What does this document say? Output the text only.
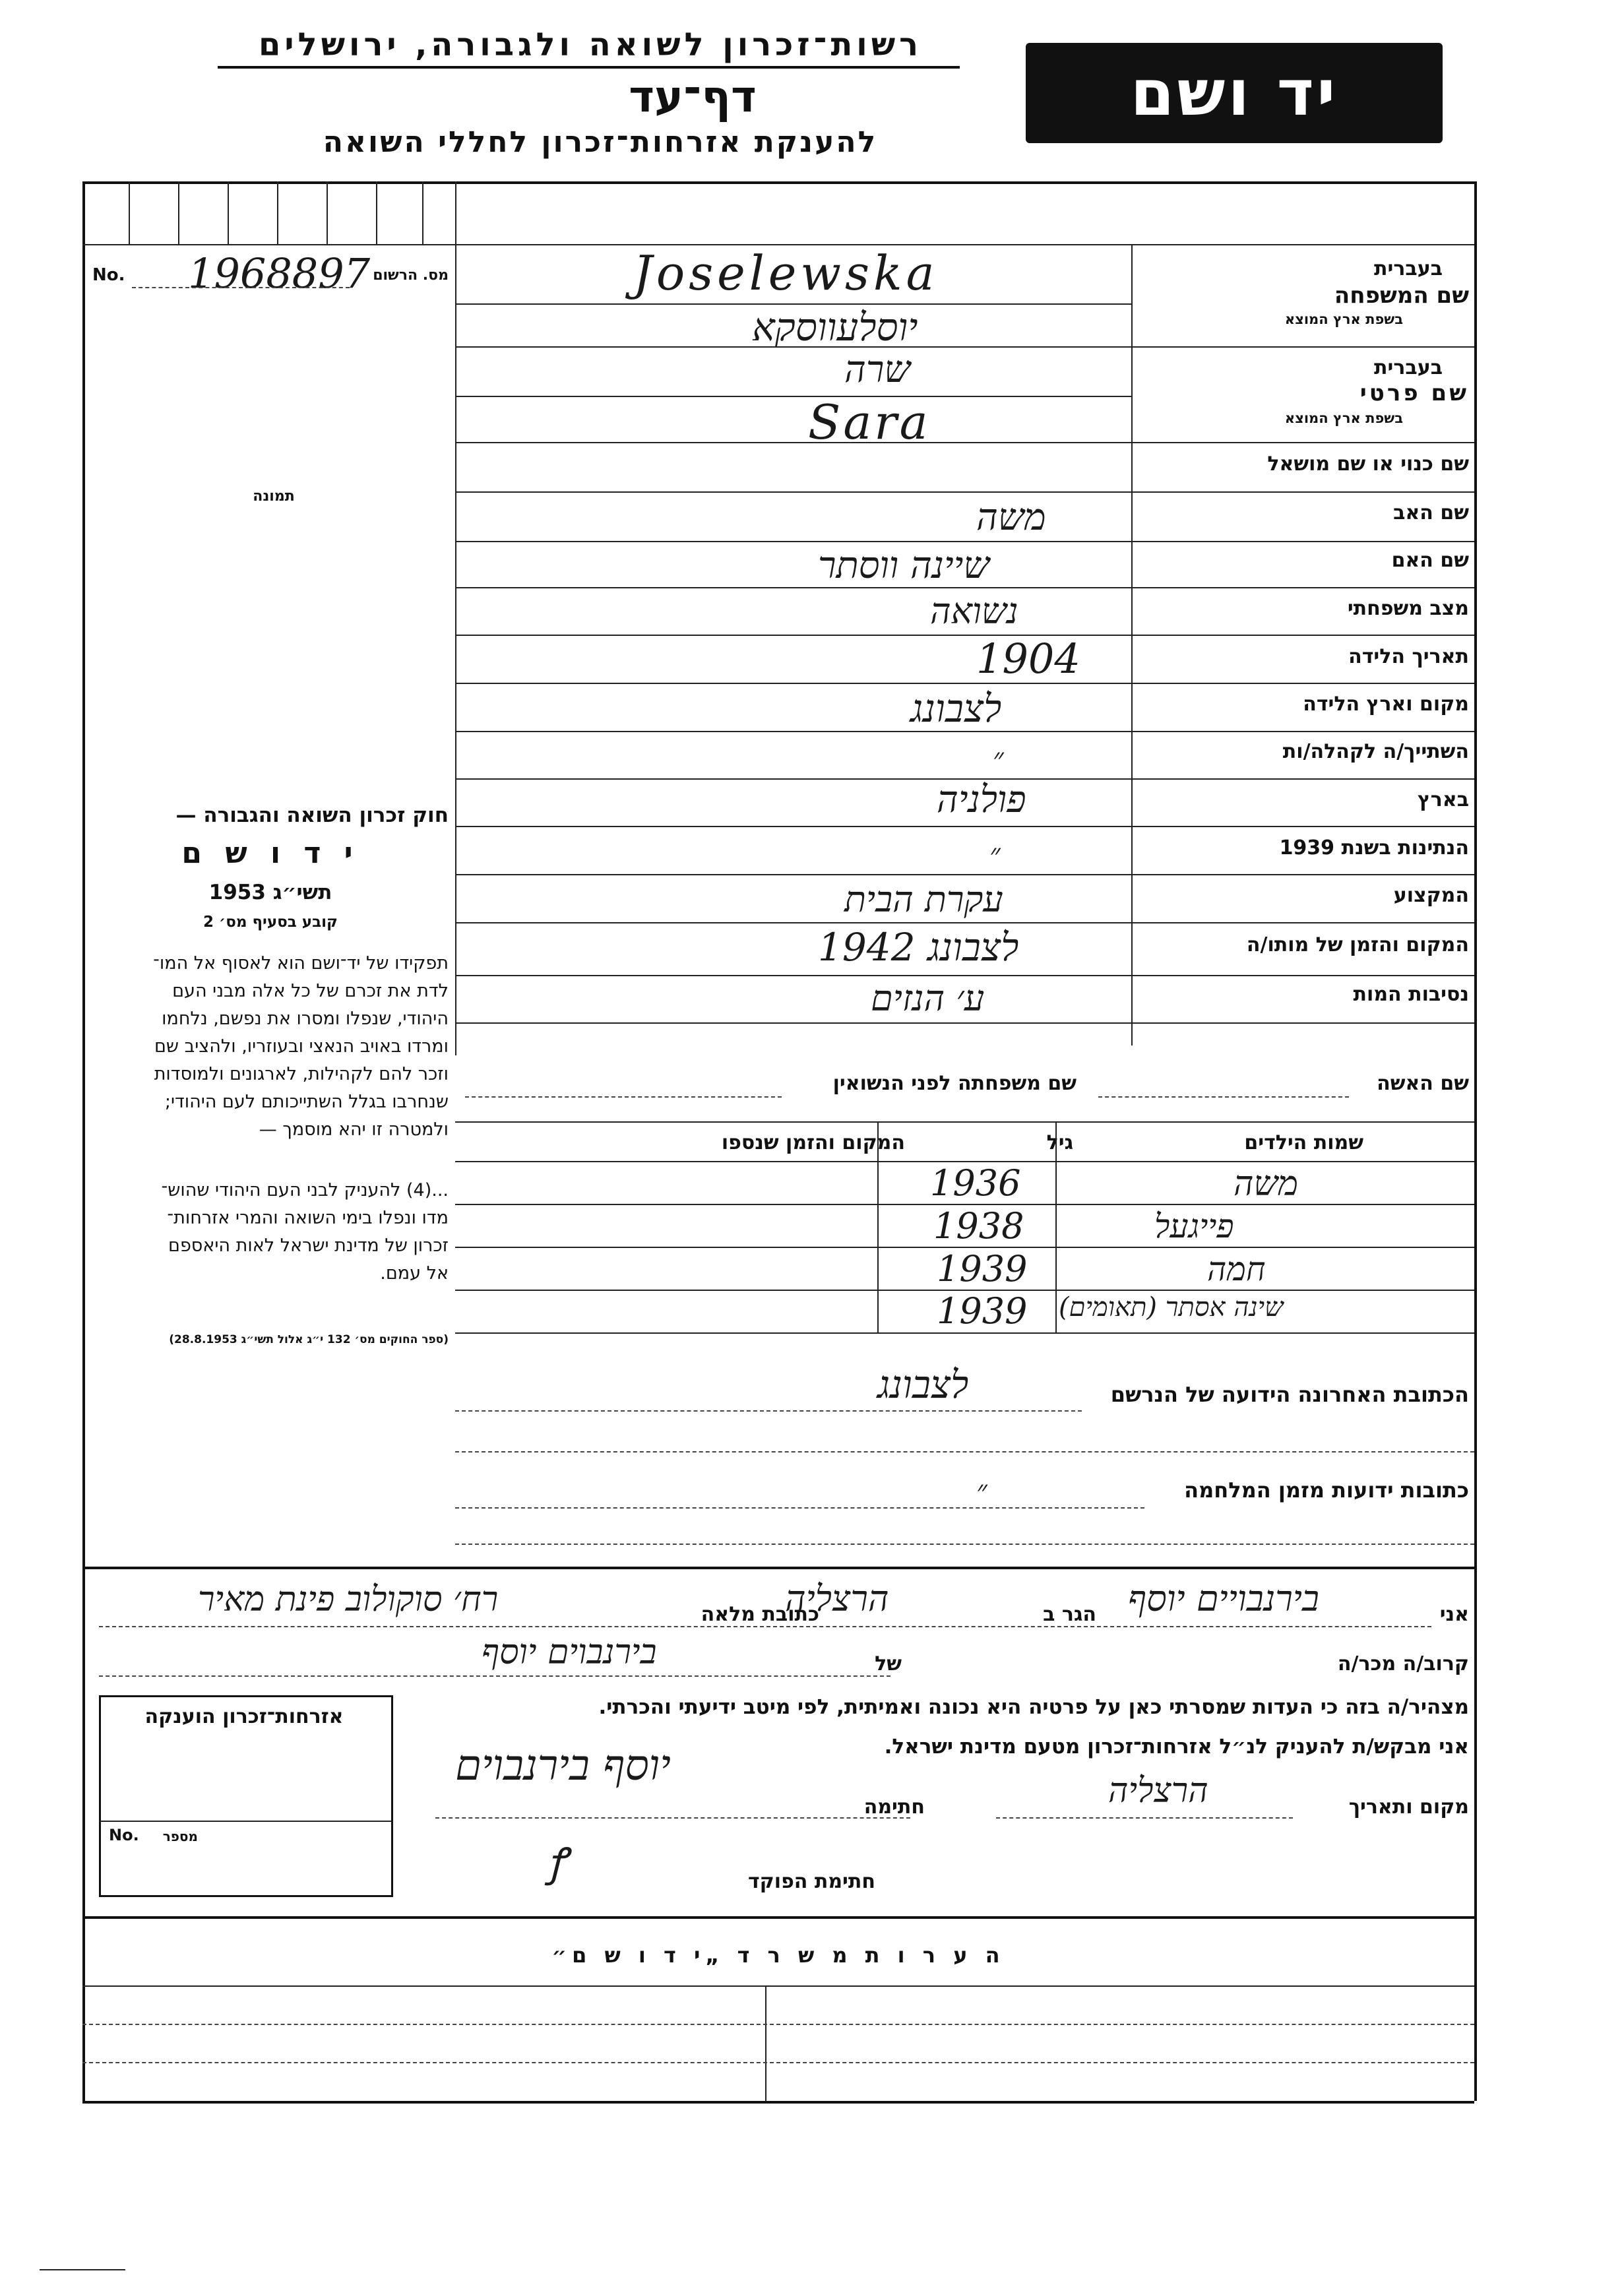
רשות־זכרון לשואה ולגבורה, ירושלים
דף־עד
להענקת אזרחות־זכרון לחללי השואה
יד ושם
No. 1968897 מס. הרשום
תמונה
בעברית
שם המשפחה
בשפת ארץ המוצא
Joselewska
יוסלעווסקא
בעברית
שם פרטי
בשפת ארץ המוצא
שרה
Sara
שם כנוי או שם מושאל
שם האב
משה
שם האם
שיינה ווסתר
מצב משפחתי
נשואה
תאריך הלידה
1904
מקום וארץ הלידה
לצבונג
השתייך/ה לקהלה/ות
״
בארץ
פולניה
הנתינות בשנת 1939
״
המקצוע
עקרת הבית
המקום והזמן של מותו/ה
לצבונג 1942
נסיבות המות
ע׳ הנזים
חוק זכרון השואה והגבורה —
י ד ו ש ם
תשי״ג 1953
קובע בסעיף מס׳ 2
תפקידו של יד־ושם הוא לאסוף אל המו־
לדת את זכרם של כל אלה מבני העם
היהודי, שנפלו ומסרו את נפשם, נלחמו
ומרדו באויב הנאצי ובעוזריו, ולהציב שם
וזכר להם לקהילות, לארגונים ולמוסדות
שנחרבו בגלל השתייכותם לעם היהודי;
ולמטרה זו יהא מוסמך —
...(4) להעניק לבני העם היהודי שהוש־
מדו ונפלו בימי השואה והמרי אזרחות־
זכרון של מדינת ישראל לאות היאספם
אל עמם.
(ספר החוקים מס׳ 132 י״ג אלול תשי״ג 28.8.1953)
שם האשה
שם משפחתה לפני הנשואין
שמות הילדים
גיל
המקום והזמן שנספו
משה
1936
פייגעל
1938
חמה
1939
שינה אסתר (תאומים)
1939
הכתובת האחרונה הידועה של הנרשם
לצבונג
כתובות ידועות מזמן המלחמה
״
אני
בירנבויים יוסף
הגר ב
הרצליה
כתובת מלאה
רח׳ סוקולוב פינת מאיר
קרוב/ה מכר/ה
של
בירנבוים יוסף
מצהיר/ה בזה כי העדות שמסרתי כאן על פרטיה היא נכונה ואמיתית, לפי מיטב ידיעתי והכרתי.
אני מבקש/ת להעניק לנ״ל אזרחות־זכרון מטעם מדינת ישראל.
מקום ותאריך
הרצליה
חתימה
יוסף בירנבוים
חתימת הפוקד
ꝭ
אזרחות־זכרון הוענקה
No.	מספר
ה ע ר ו ת מ ש ר ד „י ד ו ש ם״
